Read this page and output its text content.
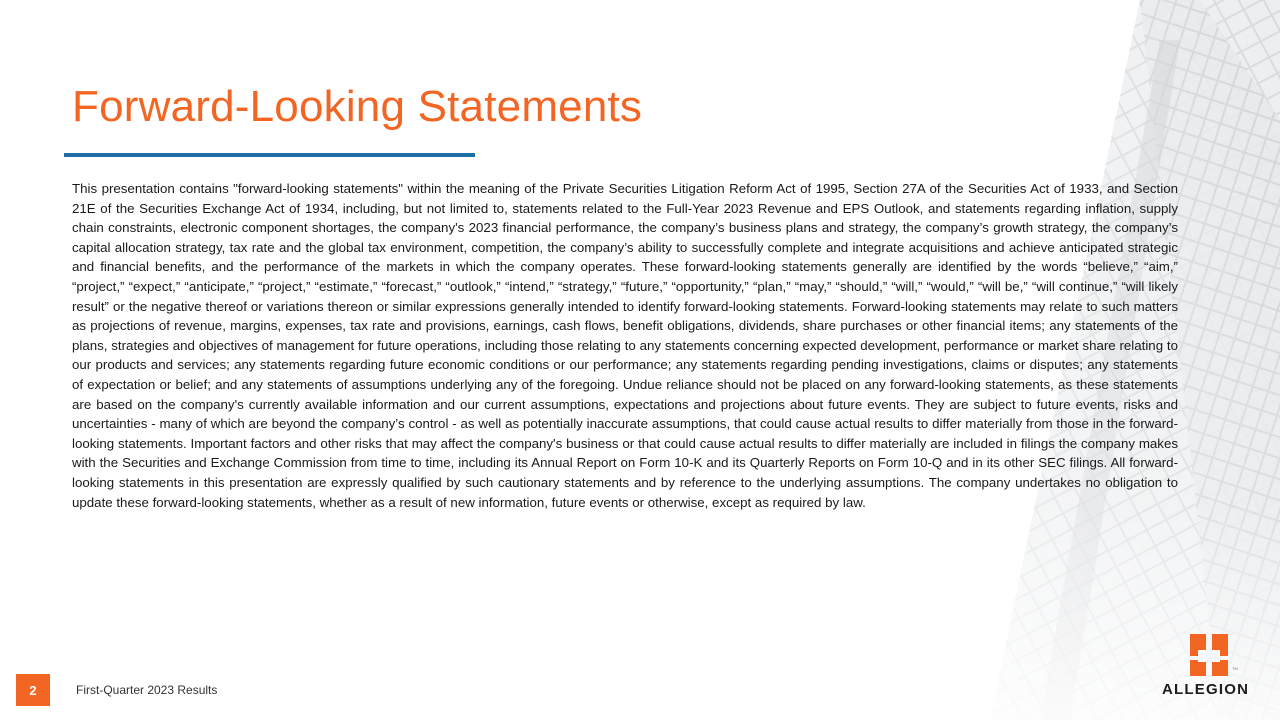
Forward-Looking Statements

This presentation contains "forward-looking statements" within the meaning of the Private Securities Litigation Reform Act of 1995, Section 27A of the Securities Act of 1933, and Section 21E of the Securities Exchange Act of 1934, including, but not limited to, statements related to the Full-Year 2023 Revenue and EPS Outlook, and statements regarding inflation, supply chain constraints, electronic component shortages, the company's 2023 financial performance, the company’s business plans and strategy, the company’s growth strategy, the company’s capital allocation strategy, tax rate and the global tax environment, competition, the company’s ability to successfully complete and integrate acquisitions and achieve anticipated strategic and financial benefits, and the performance of the markets in which the company operates. These forward-looking statements generally are identified by the words “believe,” “aim,” “project,” “expect,” “anticipate,” “project,” “estimate,” “forecast,” “outlook,” “intend,” “strategy,” “future,” “opportunity,” “plan,” “may,” “should,” “will,” “would,” “will be,” “will continue,” “will likely result” or the negative thereof or variations thereon or similar expressions generally intended to identify forward-looking statements. Forward-looking statements may relate to such matters as projections of revenue, margins, expenses, tax rate and provisions, earnings, cash flows, benefit obligations, dividends, share purchases or other financial items; any statements of the plans, strategies and objectives of management for future operations, including those relating to any statements concerning expected development, performance or market share relating to our products and services; any statements regarding future economic conditions or our performance; any statements regarding pending investigations, claims or disputes; any statements of expectation or belief; and any statements of assumptions underlying any of the foregoing. Undue reliance should not be placed on any forward-looking statements, as these statements are based on the company's currently available information and our current assumptions, expectations and projections about future events. They are subject to future events, risks and uncertainties - many of which are beyond the company’s control - as well as potentially inaccurate assumptions, that could cause actual results to differ materially from those in the forward-looking statements. Important factors and other risks that may affect the company's business or that could cause actual results to differ materially are included in filings the company makes with the Securities and Exchange Commission from time to time, including its Annual Report on Form 10-K and its Quarterly Reports on Form 10-Q and in its other SEC filings. All forward-looking statements in this presentation are expressly qualified by such cautionary statements and by reference to the underlying assumptions. The company undertakes no obligation to update these forward-looking statements, whether as a result of new information, future events or otherwise, except as required by law.

2	First-Quarter 2023 Results
TM
ALLEGION
